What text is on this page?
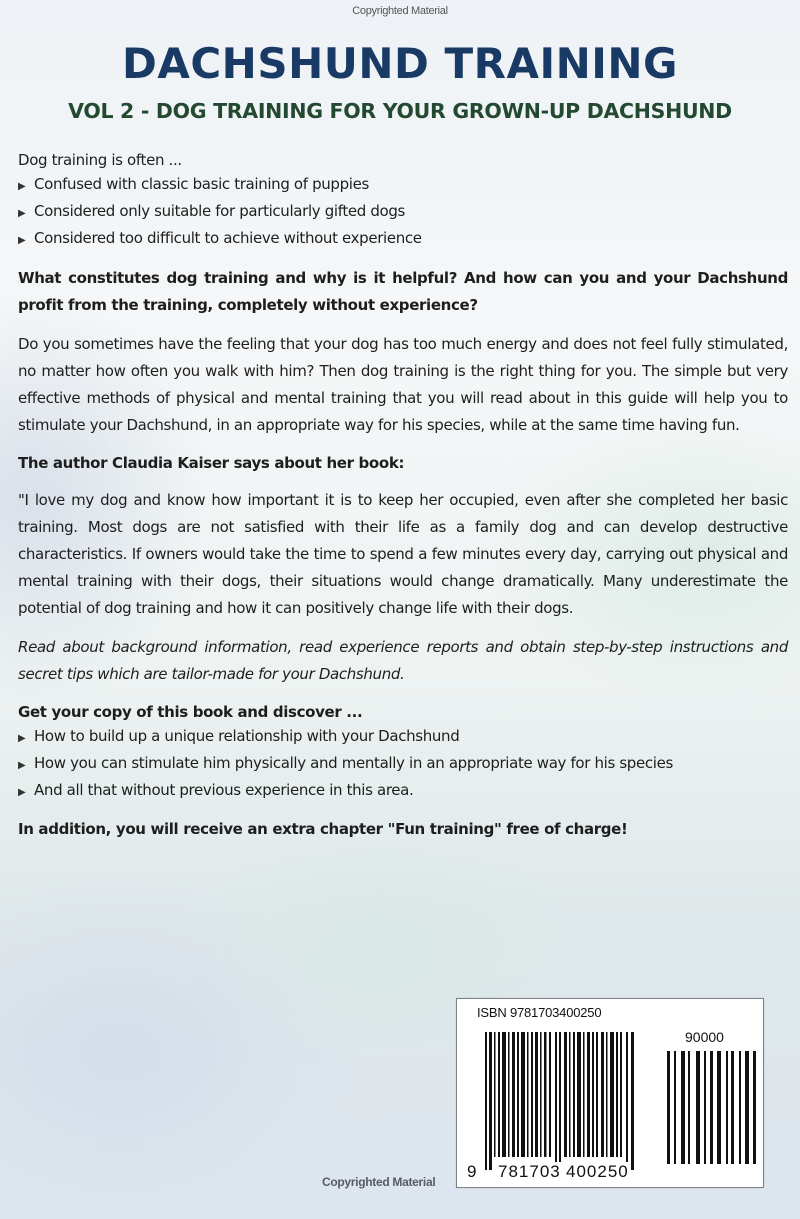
Copyrighted Material
DACHSHUND TRAINING
VOL 2 - DOG TRAINING FOR YOUR GROWN-UP DACHSHUND

Dog training is often ...

▶ Confused with classic basic training of puppies
▶ Considered only suitable for particularly gifted dogs
▶ Considered too difficult to achieve without experience

What constitutes dog training and why is it helpful? And how can you and your Dachshund profit from the training, completely without experience?

Do you sometimes have the feeling that your dog has too much energy and does not feel fully stimulated, no matter how often you walk with him? Then dog training is the right thing for you. The simple but very effective methods of physical and mental training that you will read about in this guide will help you to stimulate your Dachshund, in an appropriate way for his species, while at the same time having fun.

The author Claudia Kaiser says about her book:

"I love my dog and know how important it is to keep her occupied, even after she completed her basic training. Most dogs are not satisfied with their life as a family dog and can develop destructive characteristics. If owners would take the time to spend a few minutes every day, carrying out physical and mental training with their dogs, their situations would change dramatically. Many underestimate the potential of dog training and how it can positively change life with their dogs.

Read about background information, read experience reports and obtain step-by-step instructions and secret tips which are tailor-made for your Dachshund.

Get your copy of this book and discover ...

▶ How to build up a unique relationship with your Dachshund
▶ How you can stimulate him physically and mentally in an appropriate way for his species
▶ And all that without previous experience in this area.

In addition, you will receive an extra chapter "Fun training" free of charge!

ISBN 9781703400250
90000
9 781703 400250
Copyrighted Material
